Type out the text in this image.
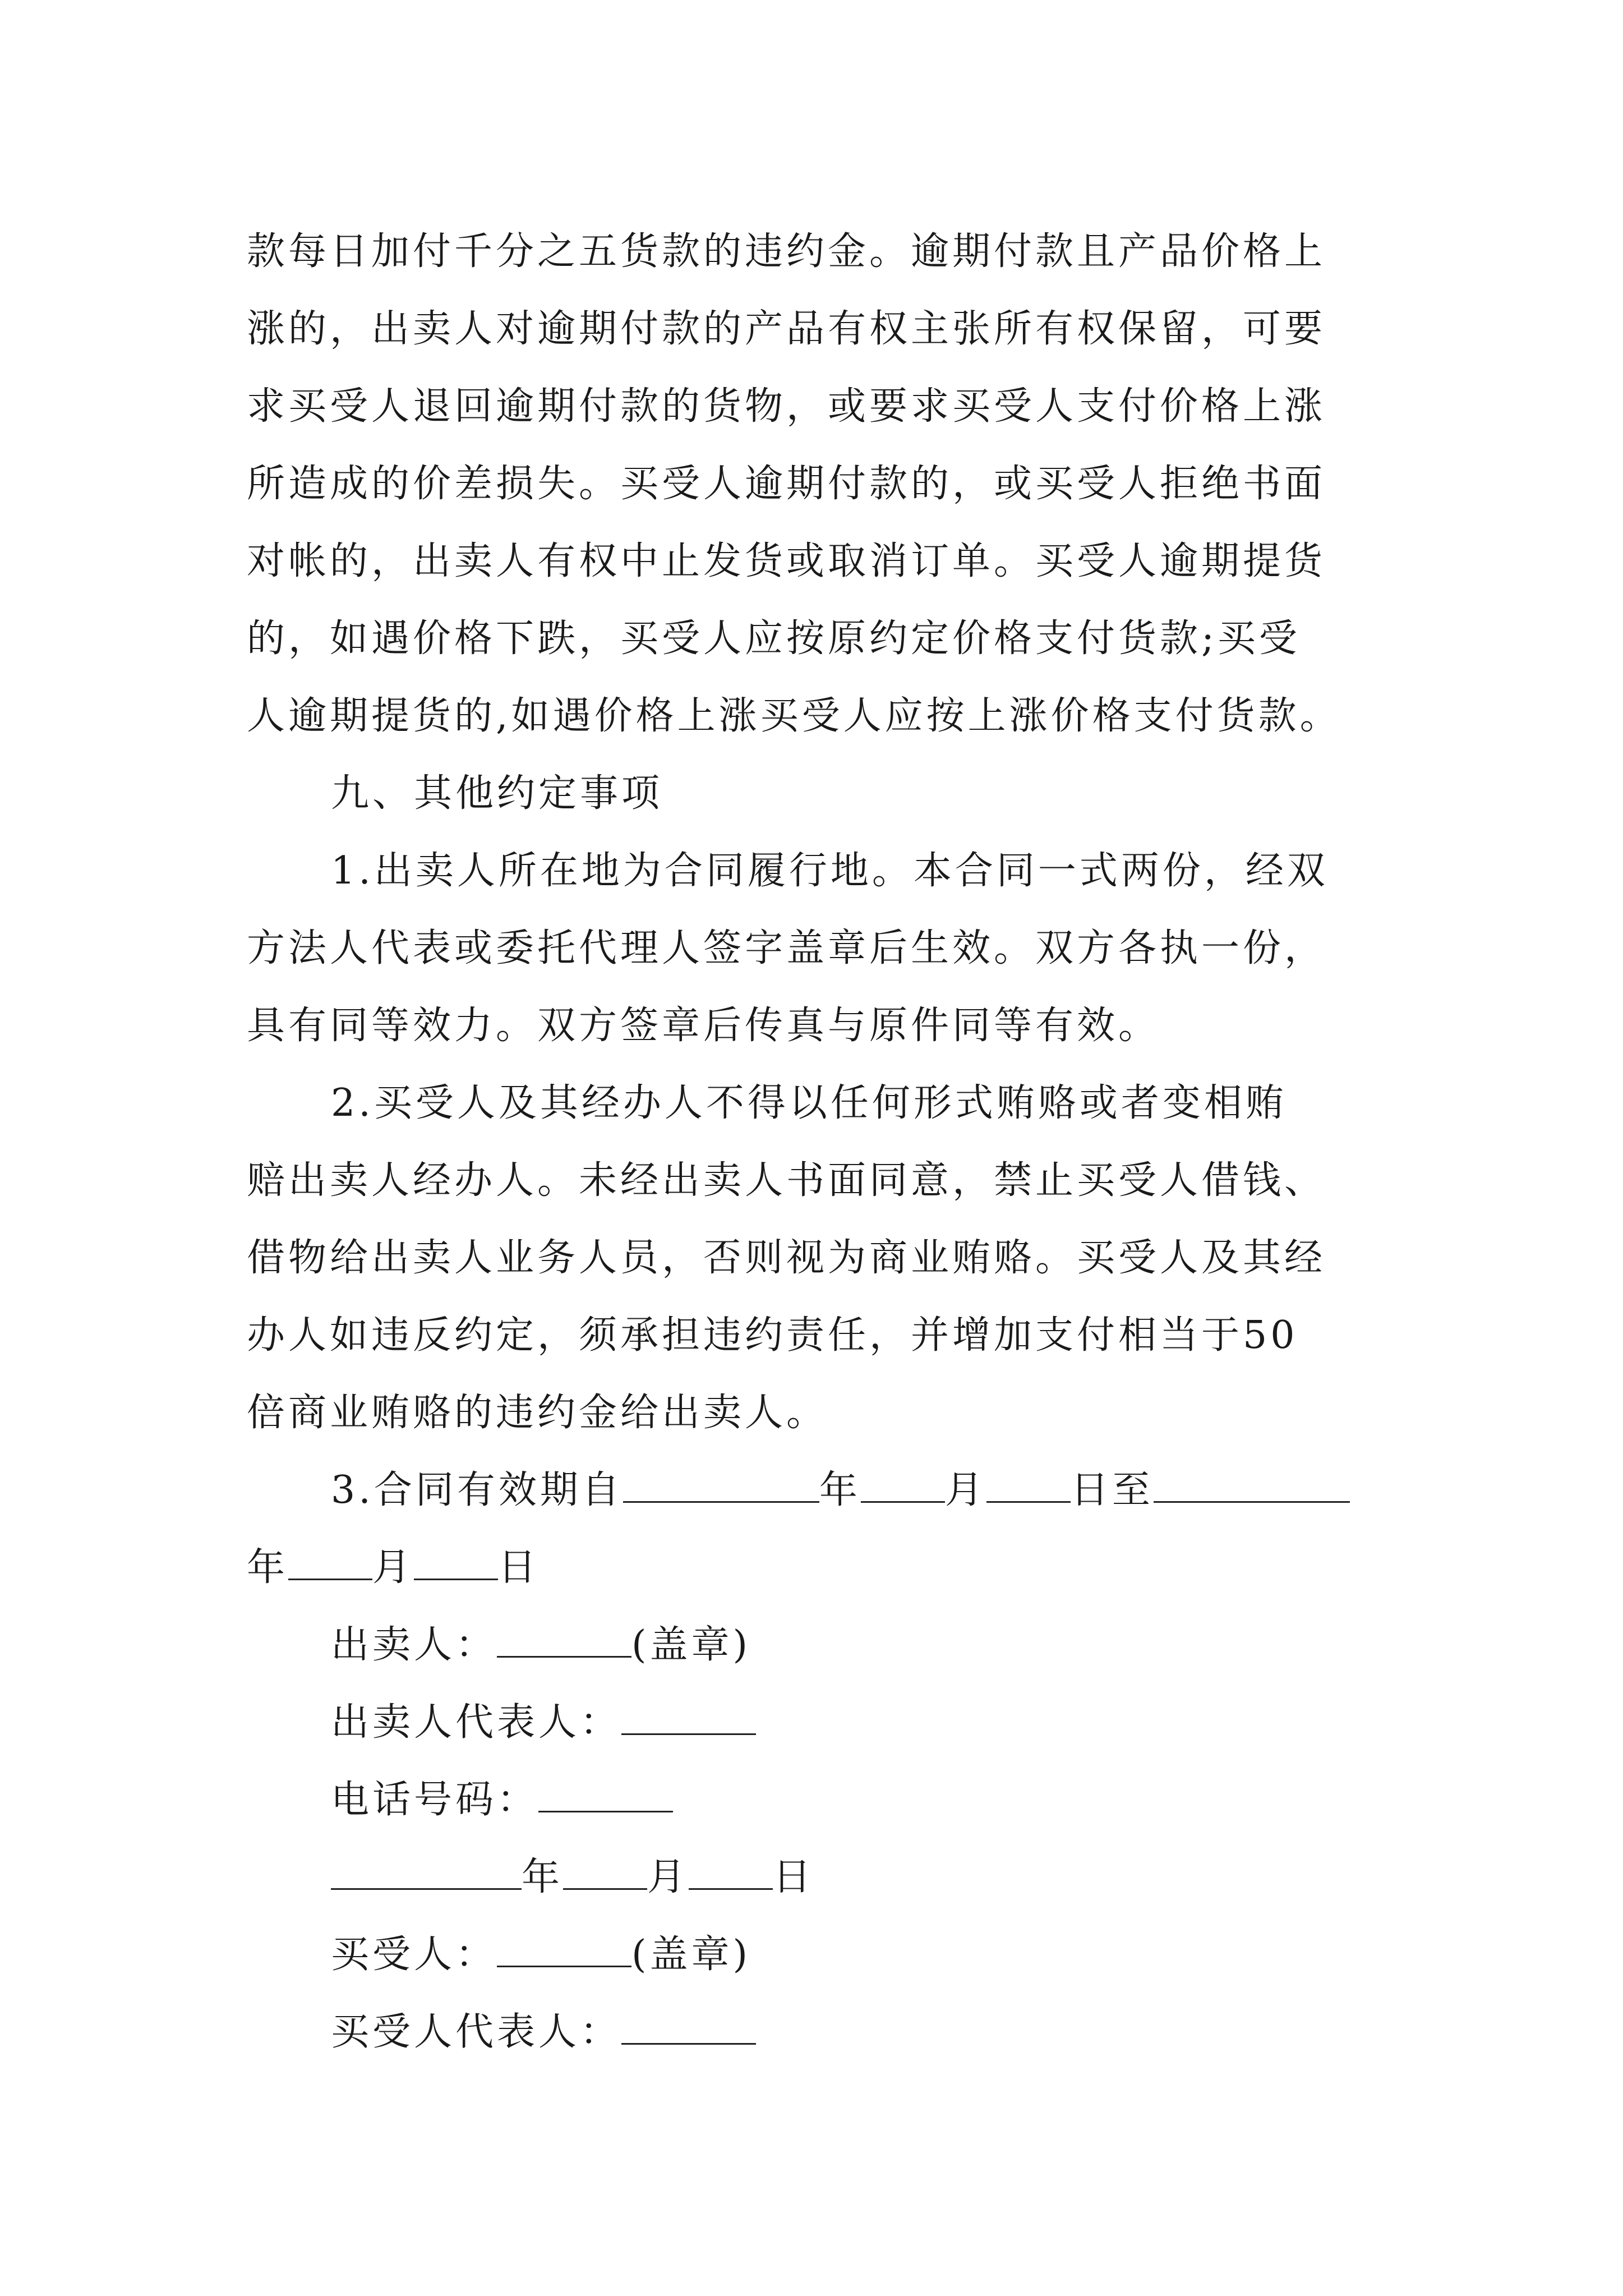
款每日加付千分之五货款的违约金。逾期付款且产品价格上
涨的，出卖人对逾期付款的产品有权主张所有权保留，可要
求买受人退回逾期付款的货物，或要求买受人支付价格上涨
所造成的价差损失。买受人逾期付款的，或买受人拒绝书面
对帐的，出卖人有权中止发货或取消订单。买受人逾期提货
的，如遇价格下跌，买受人应按原约定价格支付货款;买受
人逾期提货的,如遇价格上涨买受人应按上涨价格支付货款。
九、其他约定事项
1.出卖人所在地为合同履行地。本合同一式两份，经双
方法人代表或委托代理人签字盖章后生效。双方各执一份，
具有同等效力。双方签章后传真与原件同等有效。
2.买受人及其经办人不得以任何形式贿赂或者变相贿
赔出卖人经办人。未经出卖人书面同意，禁止买受人借钱、
借物给出卖人业务人员，否则视为商业贿赂。买受人及其经
办人如违反约定，须承担违约责任，并增加支付相当于50
倍商业贿赂的违约金给出卖人。
3.合同有效期自	年 月 日至
年 月 日
出卖人：	(盖章)
出卖人代表人：
电话号码：
年 月 日
买受人：	(盖章)
买受人代表人：
